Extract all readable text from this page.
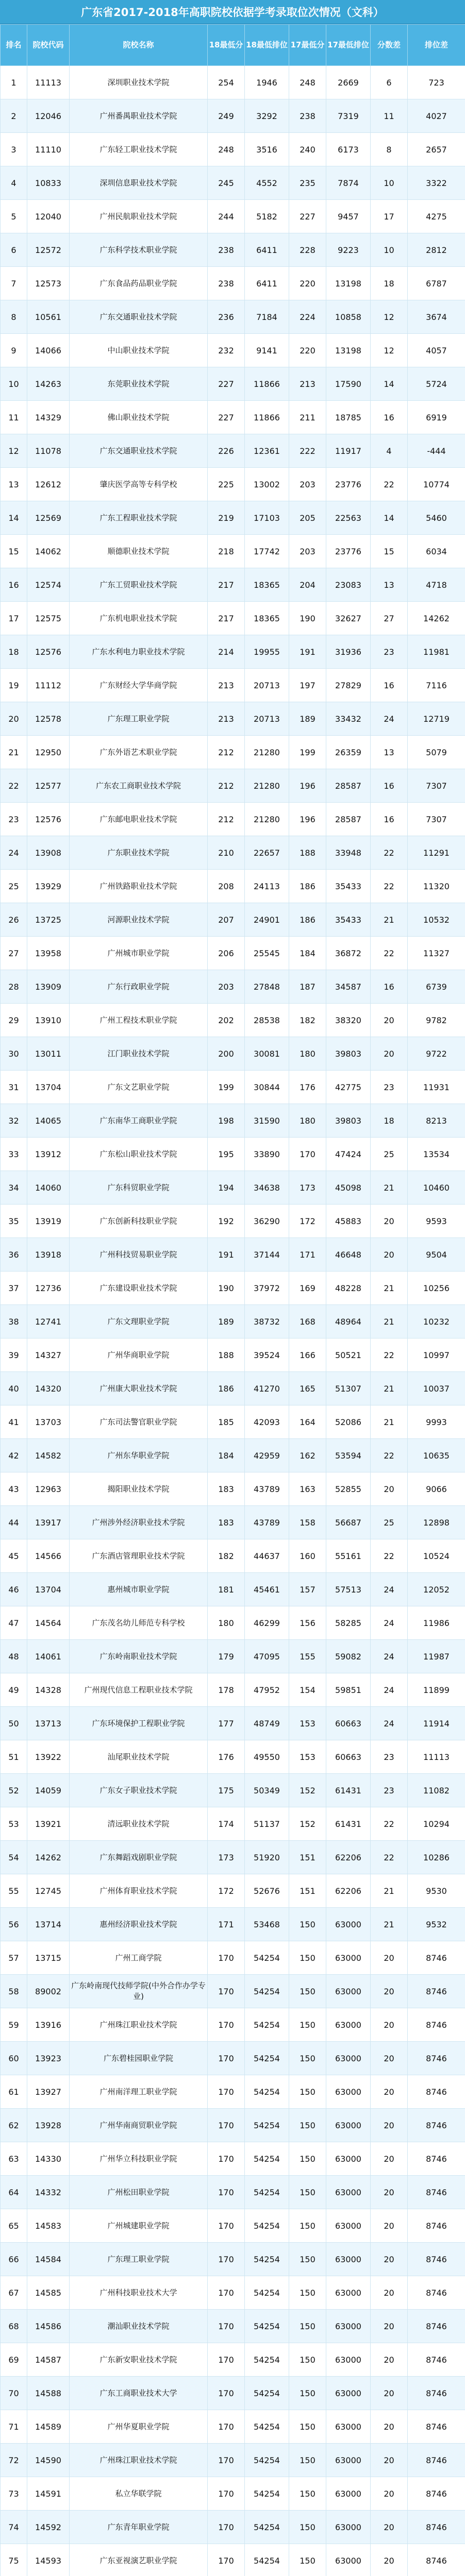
广东省2017-2018年高职院校依据学考录取位次情况（文科）
排名	院校代码	院校名称	18最低分	18最低排位	17最低分	17最低排位	分数差	排位差
1	11113	深圳职业技术学院	254	1946	248	2669	6	723
2	12046	广州番禺职业技术学院	249	3292	238	7319	11	4027
3	11110	广东轻工职业技术学院	248	3516	240	6173	8	2657
4	10833	深圳信息职业技术学院	245	4552	235	7874	10	3322
5	12040	广州民航职业技术学院	244	5182	227	9457	17	4275
6	12572	广东科学技术职业学院	238	6411	228	9223	10	2812
7	12573	广东食品药品职业学院	238	6411	220	13198	18	6787
8	10561	广东交通职业技术学院	236	7184	224	10858	12	3674
9	14066	中山职业技术学院	232	9141	220	13198	12	4057
10	14263	东莞职业技术学院	227	11866	213	17590	14	5724
11	14329	佛山职业技术学院	227	11866	211	18785	16	6919
12	11078	广东交通职业技术学院	226	12361	222	11917	4	-444
13	12612	肇庆医学高等专科学校	225	13002	203	23776	22	10774
14	12569	广东工程职业技术学院	219	17103	205	22563	14	5460
15	14062	顺德职业技术学院	218	17742	203	23776	15	6034
16	12574	广东工贸职业技术学院	217	18365	204	23083	13	4718
17	12575	广东机电职业技术学院	217	18365	190	32627	27	14262
18	12576	广东水利电力职业技术学院	214	19955	191	31936	23	11981
19	11112	广东财经大学华商学院	213	20713	197	27829	16	7116
20	12578	广东理工职业学院	213	20713	189	33432	24	12719
21	12950	广东外语艺术职业学院	212	21280	199	26359	13	5079
22	12577	广东农工商职业技术学院	212	21280	196	28587	16	7307
23	12576	广东邮电职业技术学院	212	21280	196	28587	16	7307
24	13908	广东职业技术学院	210	22657	188	33948	22	11291
25	13929	广州铁路职业技术学院	208	24113	186	35433	22	11320
26	13725	河源职业技术学院	207	24901	186	35433	21	10532
27	13958	广州城市职业学院	206	25545	184	36872	22	11327
28	13909	广东行政职业学院	203	27848	187	34587	16	6739
29	13910	广州工程技术职业学院	202	28538	182	38320	20	9782
30	13011	江门职业技术学院	200	30081	180	39803	20	9722
31	13704	广东文艺职业学院	199	30844	176	42775	23	11931
32	14065	广东南华工商职业学院	198	31590	180	39803	18	8213
33	13912	广东松山职业技术学院	195	33890	170	47424	25	13534
34	14060	广东科贸职业学院	194	34638	173	45098	21	10460
35	13919	广东创新科技职业学院	192	36290	172	45883	20	9593
36	13918	广州科技贸易职业学院	191	37144	171	46648	20	9504
37	12736	广东建设职业技术学院	190	37972	169	48228	21	10256
38	12741	广东文理职业学院	189	38732	168	48964	21	10232
39	14327	广州华商职业学院	188	39524	166	50521	22	10997
40	14320	广州康大职业技术学院	186	41270	165	51307	21	10037
41	13703	广东司法警官职业学院	185	42093	164	52086	21	9993
42	14582	广州东华职业学院	184	42959	162	53594	22	10635
43	12963	揭阳职业技术学院	183	43789	163	52855	20	9066
44	13917	广州涉外经济职业技术学院	183	43789	158	56687	25	12898
45	14566	广东酒店管理职业技术学院	182	44637	160	55161	22	10524
46	13704	惠州城市职业学院	181	45461	157	57513	24	12052
47	14564	广东茂名幼儿师范专科学校	180	46299	156	58285	24	11986
48	14061	广东岭南职业技术学院	179	47095	155	59082	24	11987
49	14328	广州现代信息工程职业技术学院	178	47952	154	59851	24	11899
50	13713	广东环境保护工程职业学院	177	48749	153	60663	24	11914
51	13922	汕尾职业技术学院	176	49550	153	60663	23	11113
52	14059	广东女子职业技术学院	175	50349	152	61431	23	11082
53	13921	清远职业技术学院	174	51137	152	61431	22	10294
54	14262	广东舞蹈戏剧职业学院	173	51920	151	62206	22	10286
55	12745	广州体育职业技术学院	172	52676	151	62206	21	9530
56	13714	惠州经济职业技术学院	171	53468	150	63000	21	9532
57	13715	广州工商学院	170	54254	150	63000	20	8746
58	89002	广东岭南现代技师学院(中外合作办学专业)	170	54254	150	63000	20	8746
59	13916	广州珠江职业技术学院	170	54254	150	63000	20	8746
60	13923	广东碧桂园职业学院	170	54254	150	63000	20	8746
61	13927	广州南洋理工职业学院	170	54254	150	63000	20	8746
62	13928	广州华南商贸职业学院	170	54254	150	63000	20	8746
63	14330	广州华立科技职业学院	170	54254	150	63000	20	8746
64	14332	广州松田职业学院	170	54254	150	63000	20	8746
65	14583	广州城建职业学院	170	54254	150	63000	20	8746
66	14584	广东理工职业学院	170	54254	150	63000	20	8746
67	14585	广州科技职业技术大学	170	54254	150	63000	20	8746
68	14586	潮汕职业技术学院	170	54254	150	63000	20	8746
69	14587	广东新安职业技术学院	170	54254	150	63000	20	8746
70	14588	广东工商职业技术大学	170	54254	150	63000	20	8746
71	14589	广州华夏职业学院	170	54254	150	63000	20	8746
72	14590	广州珠江职业技术学院	170	54254	150	63000	20	8746
73	14591	私立华联学院	170	54254	150	63000	20	8746
74	14592	广东青年职业学院	170	54254	150	63000	20	8746
75	14593	广东亚视演艺职业学院	170	54254	150	63000	20	8746
